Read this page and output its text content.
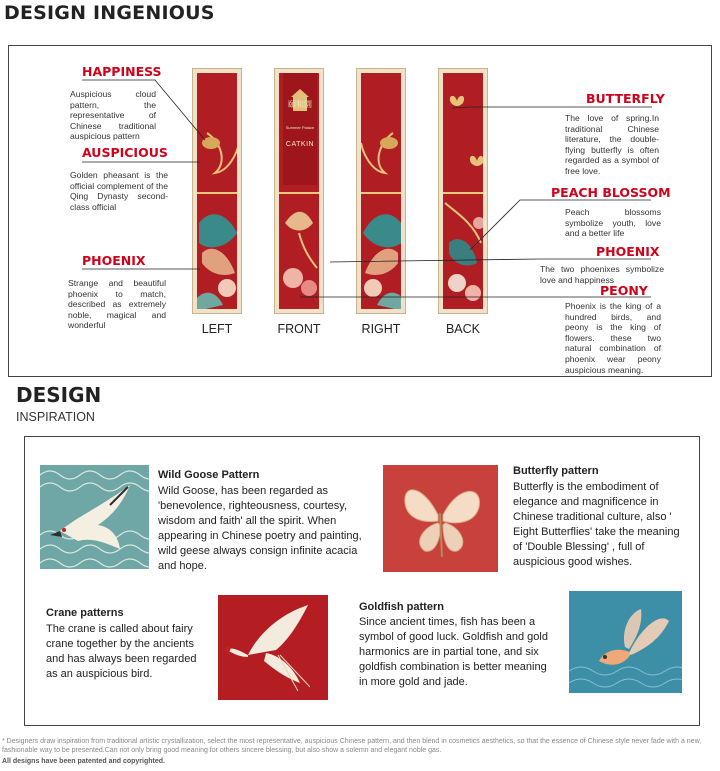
DESIGN INGENIOUS
頤和園
Summer Palace
CATKIN
LEFT	FRONT	RIGHT	BACK
HAPPINESS
Auspicious cloud pattern, the representative of Chinese traditional auspicious pattern
AUSPICIOUS
Golden pheasant is the official complement of the Qing Dynasty second-class official
PHOENIX
Strange and beautiful phoenix to match, described as extremely noble, magical and wonderful
BUTTERFLY
The love of spring.In traditional Chinese literature, the double-flying butterfly is often regarded as a symbol of free love.
PEACH BLOSSOM
Peach blossoms symbolize youth, love and a better life
PHOENIX
The two phoenixes symbolize love and happiness
PEONY
Phoenix is the king of a hundred birds, and peony is the king of flowers. these two natural combination of phoenix wear peony auspicious meaning.
DESIGN
INSPIRATION
Wild Goose Pattern
Wild Goose, has been regarded as 'benevolence, righteousness, courtesy, wisdom and faith' all the spirit. When appearing in Chinese poetry and painting, wild geese always consign infinite acacia and hope.
Butterfly pattern
Butterfly is the embodiment of elegance and magnificence in Chinese traditional culture, also ' Eight Butterflies' take the meaning of 'Double Blessing' , full of auspicious good wishes.
Crane patterns
The crane is called about fairy crane together by the ancients and has always been regarded as an auspicious bird.
Goldfish pattern
Since ancient times, fish has been a symbol of good luck. Goldfish and gold harmonics are in partial tone, and six goldfish combination is better meaning in more gold and jade.
* Designers draw inspiration from traditional artistic crystallization, select the most representative, auspicious Chinese pattern, and then blend in cosmetics aesthetics, so that the essence of Chinese style never fade with a new, fashionable way to be presented.Can not only bring good meaning for others sincere blessing, but also show a solemn and elegant noble gas.
All designs have been patented and copyrighted.
